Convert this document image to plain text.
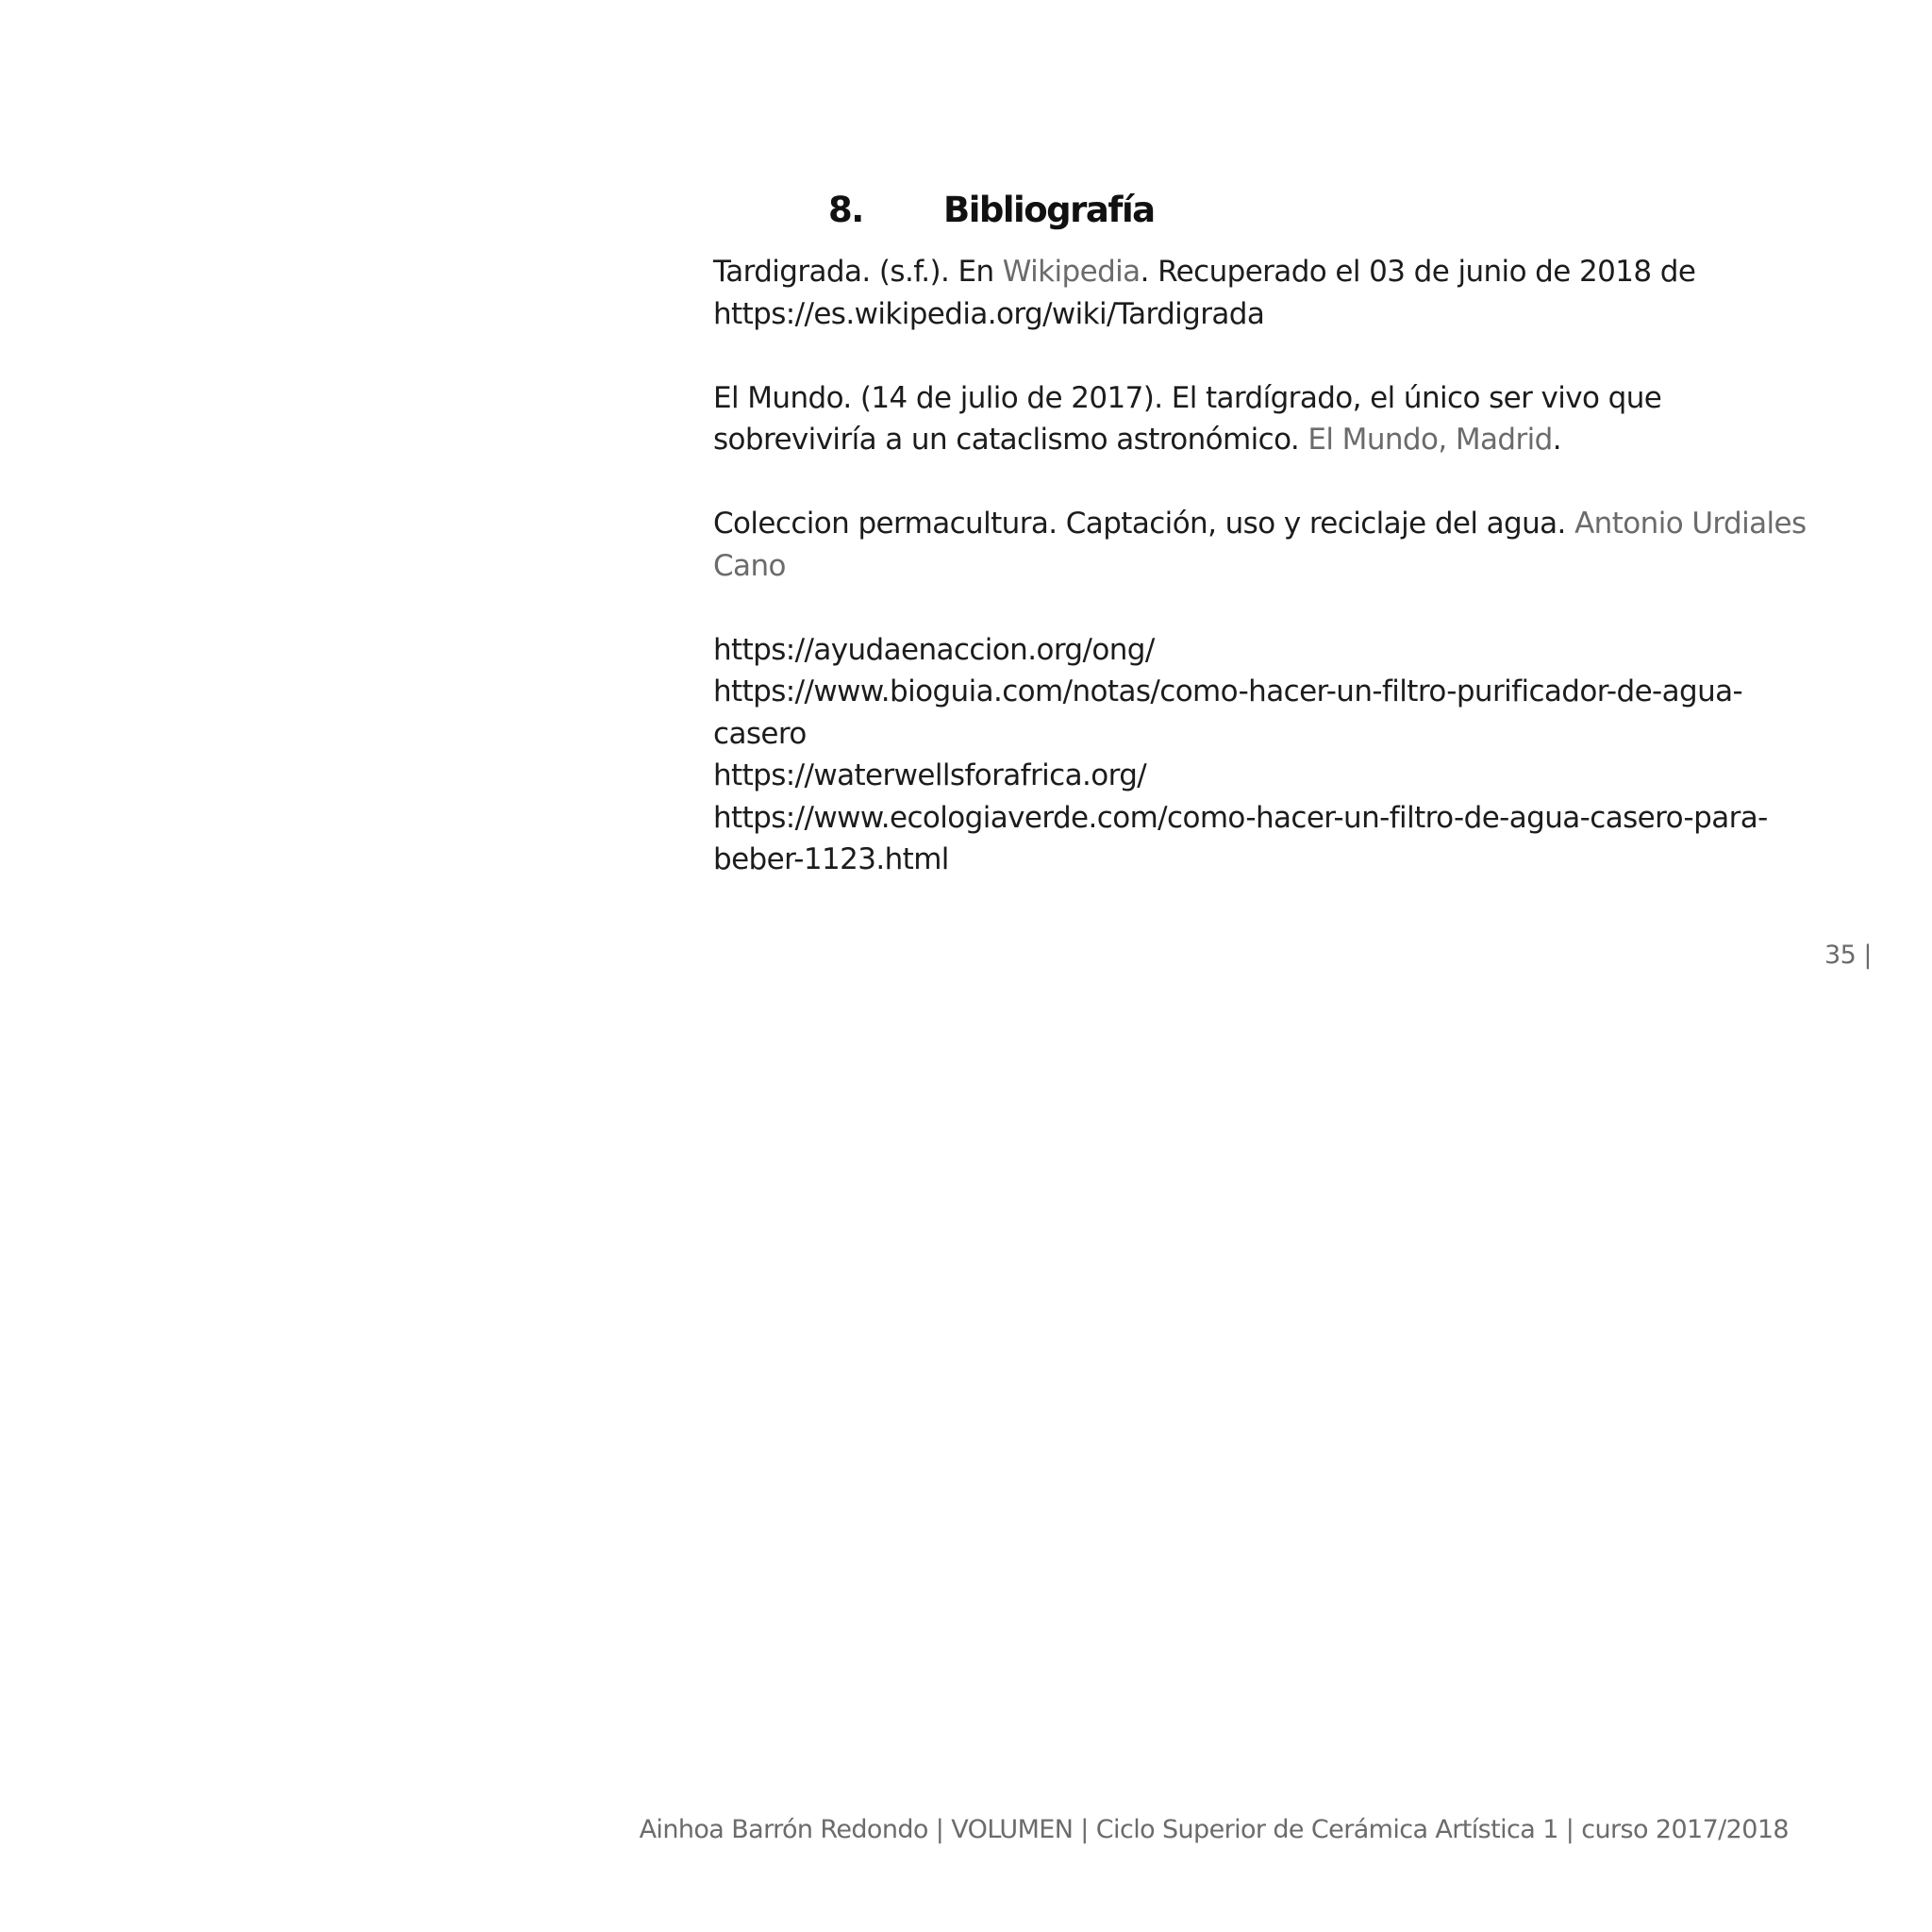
8. Bibliografía

Tardigrada. (s.f.). En Wikipedia. Recuperado el 03 de junio de 2018 de https://es.wikipedia.org/wiki/Tardigrada

El Mundo. (14 de julio de 2017). El tardígrado, el único ser vivo que sobreviviría a un cataclismo astronómico. El Mundo, Madrid.

Coleccion permacultura. Captación, uso y reciclaje del agua. Antonio Urdiales Cano

https://ayudaenaccion.org/ong/
https://www.bioguia.com/notas/como-hacer-un-filtro-purificador-de-agua-casero
https://waterwellsforafrica.org/
https://www.ecologiaverde.com/como-hacer-un-filtro-de-agua-casero-para-beber-1123.html
35 |
Ainhoa Barrón Redondo | VOLUMEN | Ciclo Superior de Cerámica Artística 1 | curso 2017/2018
